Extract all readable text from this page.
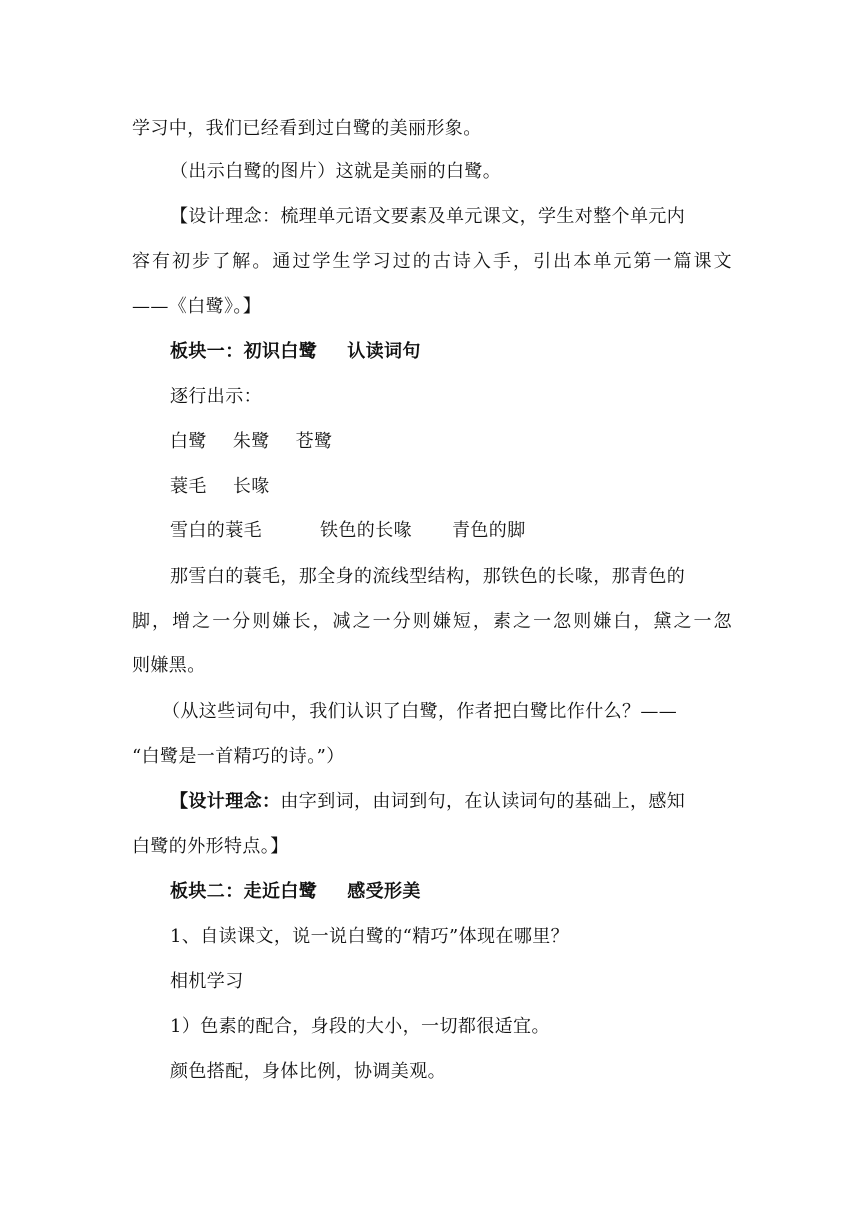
学习中，我们已经看到过白鹭的美丽形象。
（出示白鹭的图片）这就是美丽的白鹭。
【设计理念：梳理单元语文要素及单元课文，学生对整个单元内
容有初步了解。通过学生学习过的古诗入手，引出本单元第一篇课文
——《白鹭》。】
板块一：初识白鹭 认读词句
逐行出示：
白鹭 朱鹭 苍鹭
蓑毛 长喙
雪白的蓑毛	铁色的长喙 青色的脚
那雪白的蓑毛，那全身的流线型结构，那铁色的长喙，那青色的
脚，增之一分则嫌长，减之一分则嫌短，素之一忽则嫌白，黛之一忽
则嫌黑。
（从这些词句中，我们认识了白鹭，作者把白鹭比作什么？——
“白鹭是一首精巧的诗。”）
【设计理念：由字到词，由词到句，在认读词句的基础上，感知
白鹭的外形特点。】
板块二：走近白鹭 感受形美
1、自读课文，说一说白鹭的“精巧”体现在哪里？
相机学习
1）色素的配合，身段的大小，一切都很适宜。
颜色搭配，身体比例，协调美观。
